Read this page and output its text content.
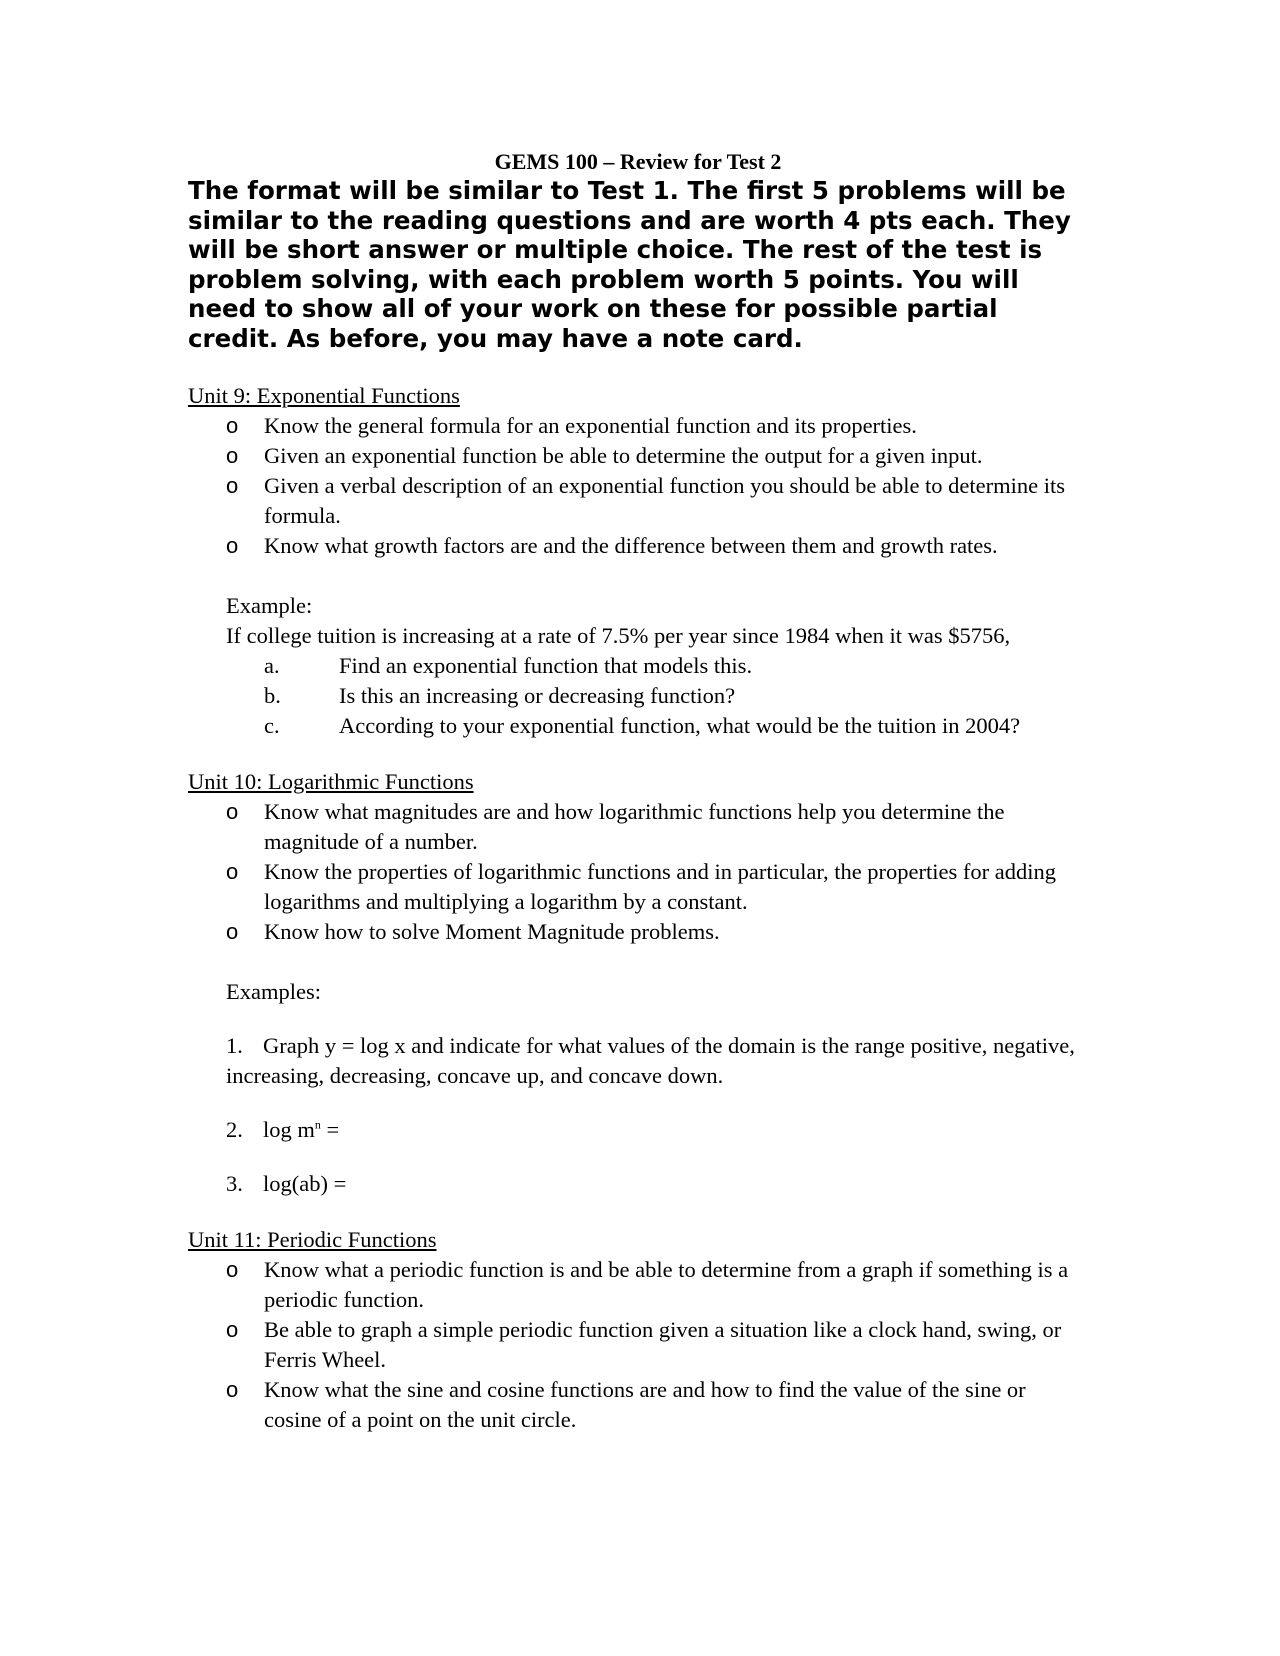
GEMS 100 – Review for Test 2

The format will be similar to Test 1. The first 5 problems will be similar to the reading questions and are worth 4 pts each. They will be short answer or multiple choice. The rest of the test is problem solving, with each problem worth 5 points. You will need to show all of your work on these for possible partial credit. As before, you may have a note card.

Unit 9: Exponential Functions

o Know the general formula for an exponential function and its properties.
o Given an exponential function be able to determine the output for a given input.
o Given a verbal description of an exponential function you should be able to determine its formula.
o Know what growth factors are and the difference between them and growth rates.

Example:

If college tuition is increasing at a rate of 7.5% per year since 1984 when it was $5756,

a.	Find an exponential function that models this.
b.	Is this an increasing or decreasing function?
c.	According to your exponential function, what would be the tuition in 2004?

Unit 10: Logarithmic Functions

o Know what magnitudes are and how logarithmic functions help you determine the magnitude of a number.
o Know the properties of logarithmic functions and in particular, the properties for adding logarithms and multiplying a logarithm by a constant.
o Know how to solve Moment Magnitude problems.

Examples:

1. Graph y = log x and indicate for what values of the domain is the range positive, negative, increasing, decreasing, concave up, and concave down.

2. $\log m^n$ =

3. log(ab) =

Unit 11: Periodic Functions

o Know what a periodic function is and be able to determine from a graph if something is a periodic function.
o Be able to graph a simple periodic function given a situation like a clock hand, swing, or Ferris Wheel.
o Know what the sine and cosine functions are and how to find the value of the sine or cosine of a point on the unit circle.
